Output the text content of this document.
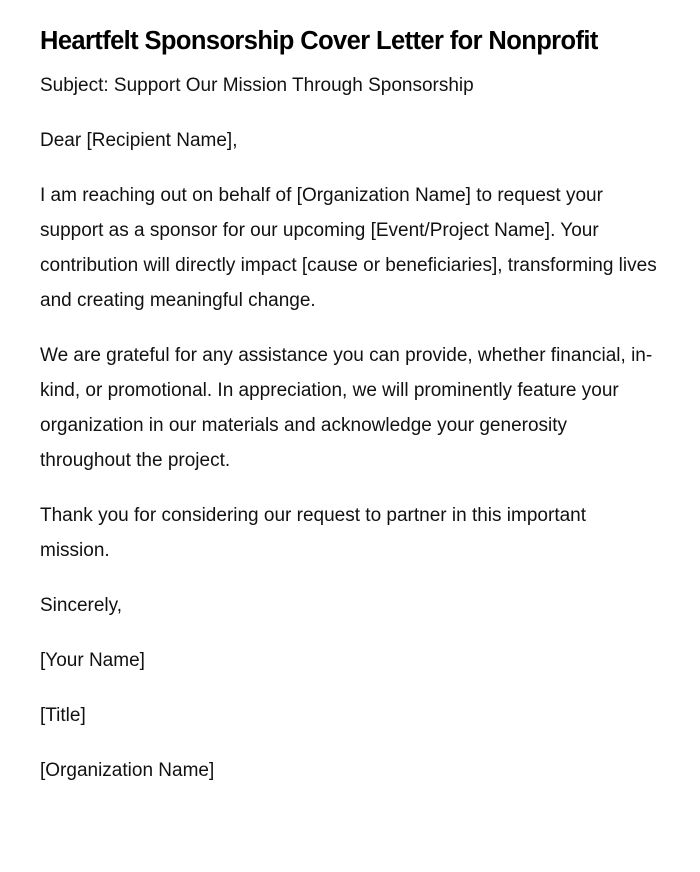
Heartfelt Sponsorship Cover Letter for Nonprofit

Subject: Support Our Mission Through Sponsorship

Dear [Recipient Name],

I am reaching out on behalf of [Organization Name] to request your support as a sponsor for our upcoming [Event/Project Name]. Your contribution will directly impact [cause or beneficiaries], transforming lives and creating meaningful change.

We are grateful for any assistance you can provide, whether financial, in-kind, or promotional. In appreciation, we will prominently feature your organization in our materials and acknowledge your generosity throughout the project.

Thank you for considering our request to partner in this important mission.

Sincerely,

[Your Name]

[Title]

[Organization Name]
